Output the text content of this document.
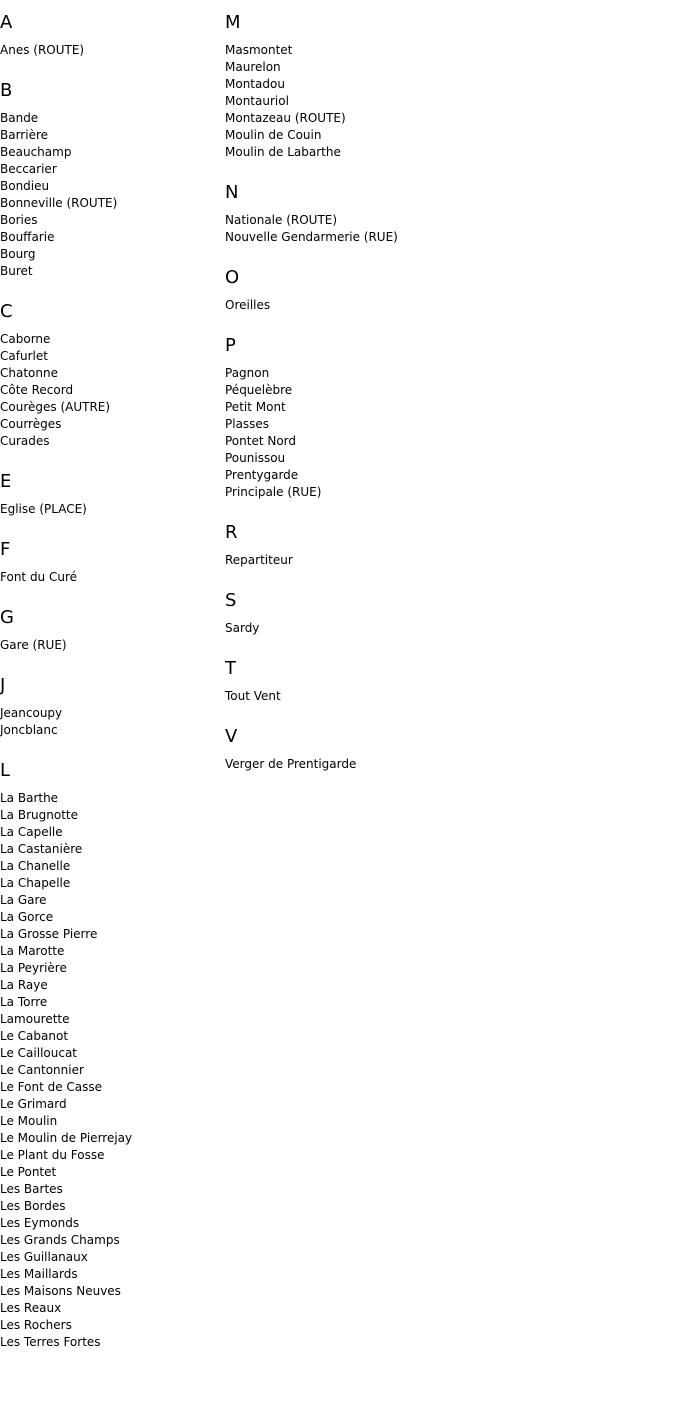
A
Anes (ROUTE)
B
Bande
Barrière
Beauchamp
Beccarier
Bondieu
Bonneville (ROUTE)
Bories
Bouffarie
Bourg
Buret
C
Caborne
Cafurlet
Chatonne
Côte Record
Courèges (AUTRE)
Courrèges
Curades
E
Eglise (PLACE)
F
Font du Curé
G
Gare (RUE)
J
Jeancoupy
Joncblanc
L
La Barthe
La Brugnotte
La Capelle
La Castanière
La Chanelle
La Chapelle
La Gare
La Gorce
La Grosse Pierre
La Marotte
La Peyrière
La Raye
La Torre
Lamourette
Le Cabanot
Le Cailloucat
Le Cantonnier
Le Font de Casse
Le Grimard
Le Moulin
Le Moulin de Pierrejay
Le Plant du Fosse
Le Pontet
Les Bartes
Les Bordes
Les Eymonds
Les Grands Champs
Les Guillanaux
Les Maillards
Les Maisons Neuves
Les Reaux
Les Rochers
Les Terres Fortes
M
Masmontet
Maurelon
Montadou
Montauriol
Montazeau (ROUTE)
Moulin de Couin
Moulin de Labarthe
N
Nationale (ROUTE)
Nouvelle Gendarmerie (RUE)
O
Oreilles
P
Pagnon
Péquelèbre
Petit Mont
Plasses
Pontet Nord
Pounissou
Prentygarde
Principale (RUE)
R
Repartiteur
S
Sardy
T
Tout Vent
V
Verger de Prentigarde
